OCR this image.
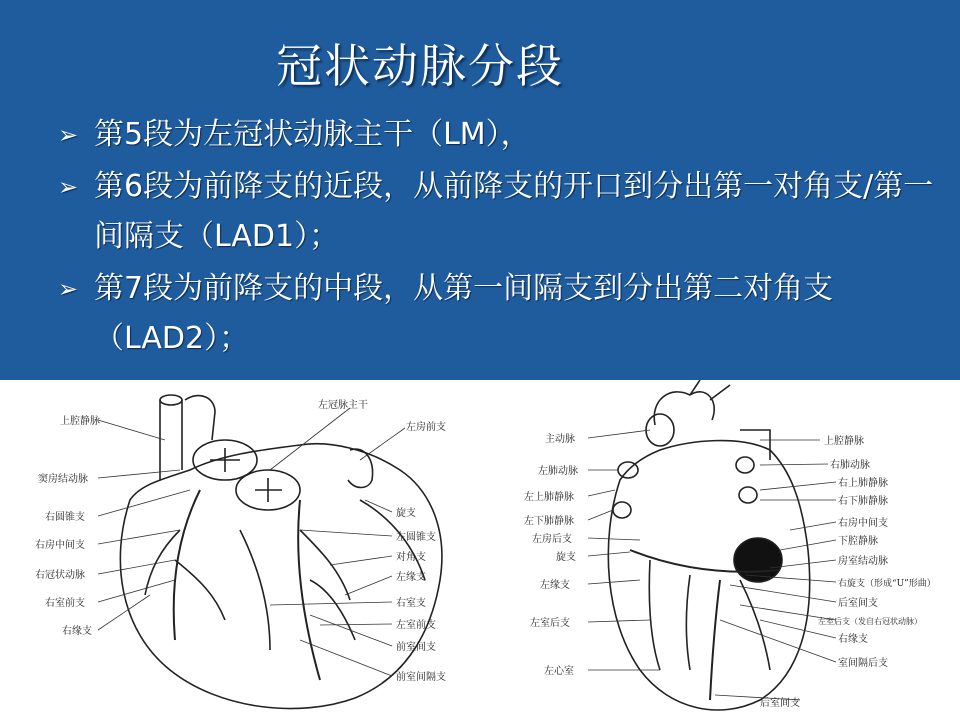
冠状动脉分段
➢ 第5段为左冠状动脉主干（LM），
➢ 第6段为前降支的近段，从前降支的开口到分出第一对角支/第一间隔支（LAD1）；
➢ 第7段为前降支的中段，从第一间隔支到分出第二对角支（LAD2）；
上腔静脉
窦房结动脉
右圆锥支
右房中间支
右冠状动脉
右室前支
右缘支
左冠脉主干
左房前支
旋支
左圆锥支
对角支
左缘支
右室支
左室前支
前室间支
前室间隔支
主动脉
左肺动脉
左上肺静脉
左下肺静脉
左房后支
旋支
左缘支
左室后支
左心室
上腔静脉
右肺动脉
右上肺静脉
右下肺静脉
右房中间支
下腔静脉
房室结动脉
右旋支（形成“U”形曲）
后室间支
左室后支（发自右冠状动脉）
右缘支
室间隔后支
后室间支
